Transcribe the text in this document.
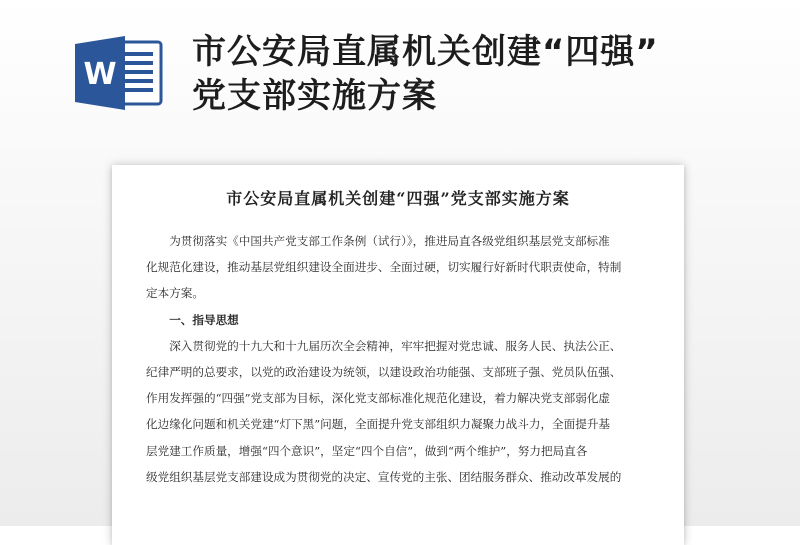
W
市公安局直属机关创建“四强”
党支部实施方案
市公安局直属机关创建“四强”党支部实施方案

为贯彻落实《中国共产党支部工作条例（试行）》，推进局直各级党组织基层党支部标准
化规范化建设，推动基层党组织建设全面进步、全面过硬，切实履行好新时代职责使命，特制
定本方案。

一、指导思想

深入贯彻党的十九大和十九届历次全会精神，牢牢把握对党忠诚、服务人民、执法公正、
纪律严明的总要求，以党的政治建设为统领，以建设政治功能强、支部班子强、党员队伍强、
作用发挥强的“四强”党支部为目标，深化党支部标准化规范化建设，着力解决党支部弱化虚
化边缘化问题和机关党建“灯下黑”问题，全面提升党支部组织力凝聚力战斗力，全面提升基
层党建工作质量，增强“四个意识”，坚定“四个自信”，做到“两个维护”，努力把局直各
级党组织基层党支部建设成为贯彻党的决定、宣传党的主张、团结服务群众、推动改革发展的
